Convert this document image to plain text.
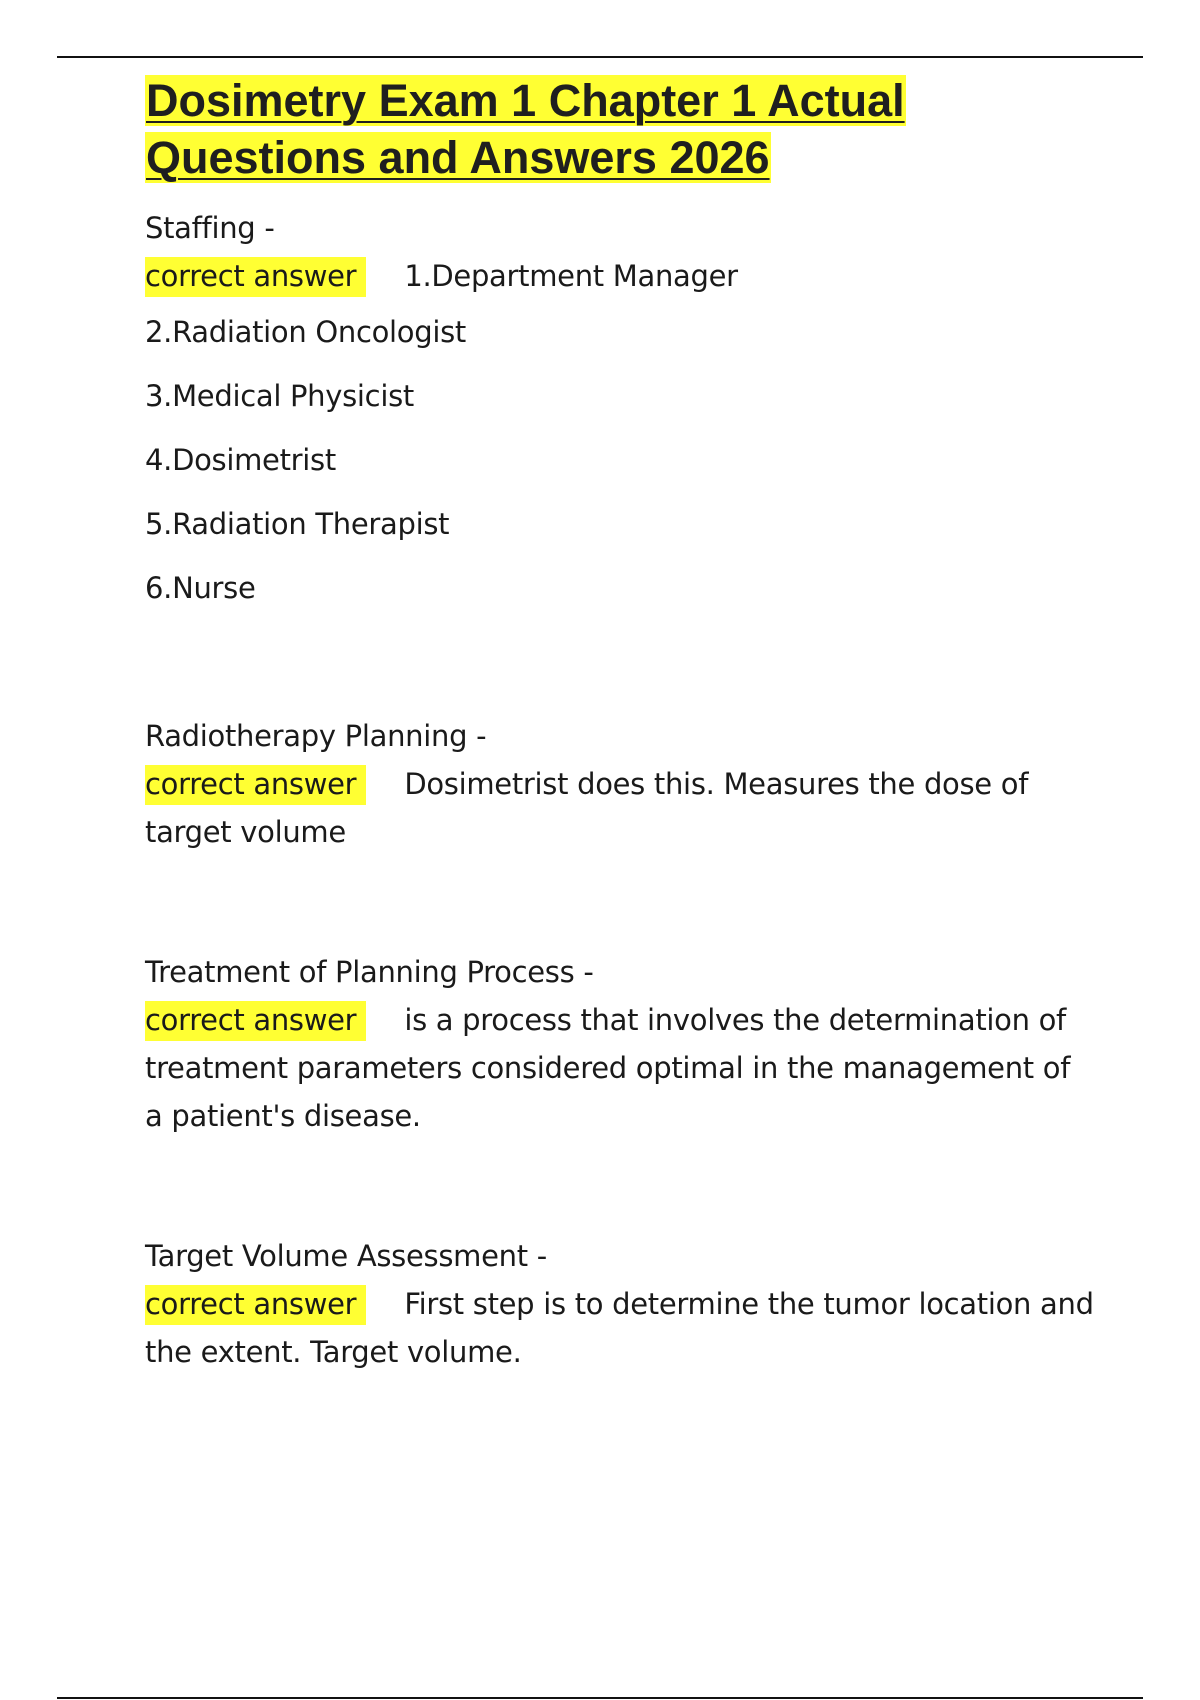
Dosimetry Exam 1 Chapter 1 Actual
Questions and Answers 2026

Staffing -

correct answer 1.Department Manager

2.Radiation Oncologist

3.Medical Physicist

4.Dosimetrist

5.Radiation Therapist

6.Nurse

Radiotherapy Planning -

correct answer Dosimetrist does this. Measures the dose of target volume

Treatment of Planning Process -

correct answer is a process that involves the determination of treatment parameters considered optimal in the management of a patient's disease.

Target Volume Assessment -

correct answer First step is to determine the tumor location and the extent. Target volume.
